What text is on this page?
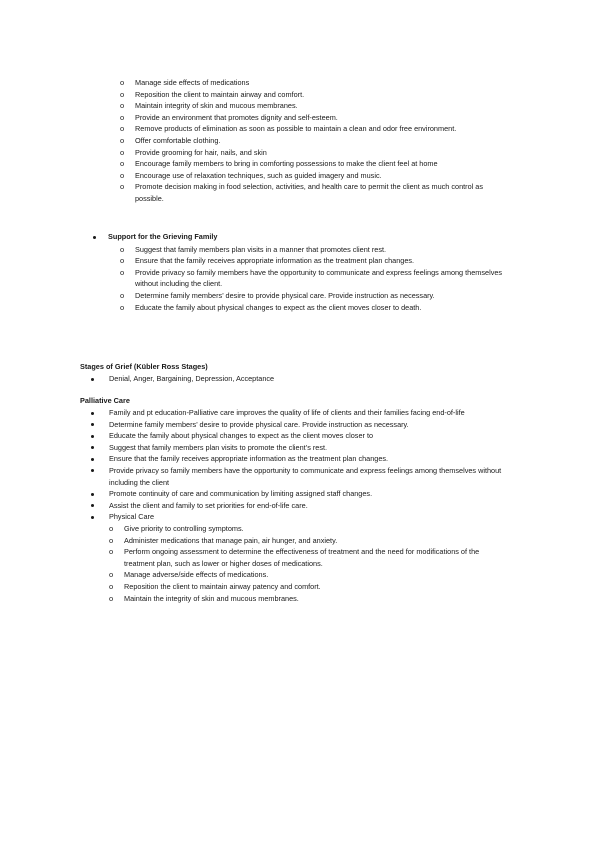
o Manage side effects of medications
o Reposition the client to maintain airway and comfort.
o Maintain integrity of skin and mucous membranes.
o Provide an environment that promotes dignity and self-esteem.
o Remove products of elimination as soon as possible to maintain a clean and odor free environment.
o Offer comfortable clothing.
o Provide grooming for hair, nails, and skin
o Encourage family members to bring in comforting possessions to make the client feel at home
o Encourage use of relaxation techniques, such as guided imagery and music.
o Promote decision making in food selection, activities, and health care to permit the client as much control as possible.
Support for the Grieving Family
o Suggest that family members plan visits in a manner that promotes client rest.
o Ensure that the family receives appropriate information as the treatment plan changes.
o Provide privacy so family members have the opportunity to communicate and express feelings among themselves without including the client.
o Determine family members’ desire to provide physical care. Provide instruction as necessary.
o Educate the family about physical changes to expect as the client moves closer to death.
Stages of Grief (Kübler Ross Stages)
Denial, Anger, Bargaining, Depression, Acceptance
Palliative Care
Family and pt education-Palliative care improves the quality of life of clients and their families facing end-of-life
Determine family members’ desire to provide physical care. Provide instruction as necessary.
Educate the family about physical changes to expect as the client moves closer to
Suggest that family members plan visits to promote the client’s rest.
Ensure that the family receives appropriate information as the treatment plan changes.
Provide privacy so family members have the opportunity to communicate and express feelings among themselves without including the client
Promote continuity of care and communication by limiting assigned staff changes.
Assist the client and family to set priorities for end-of-life care.
Physical Care
o Give priority to controlling symptoms.
o Administer medications that manage pain, air hunger, and anxiety.
o Perform ongoing assessment to determine the effectiveness of treatment and the need for modifications of the treatment plan, such as lower or higher doses of medications.
o Manage adverse/side effects of medications.
o Reposition the client to maintain airway patency and comfort.
o Maintain the integrity of skin and mucous membranes.
